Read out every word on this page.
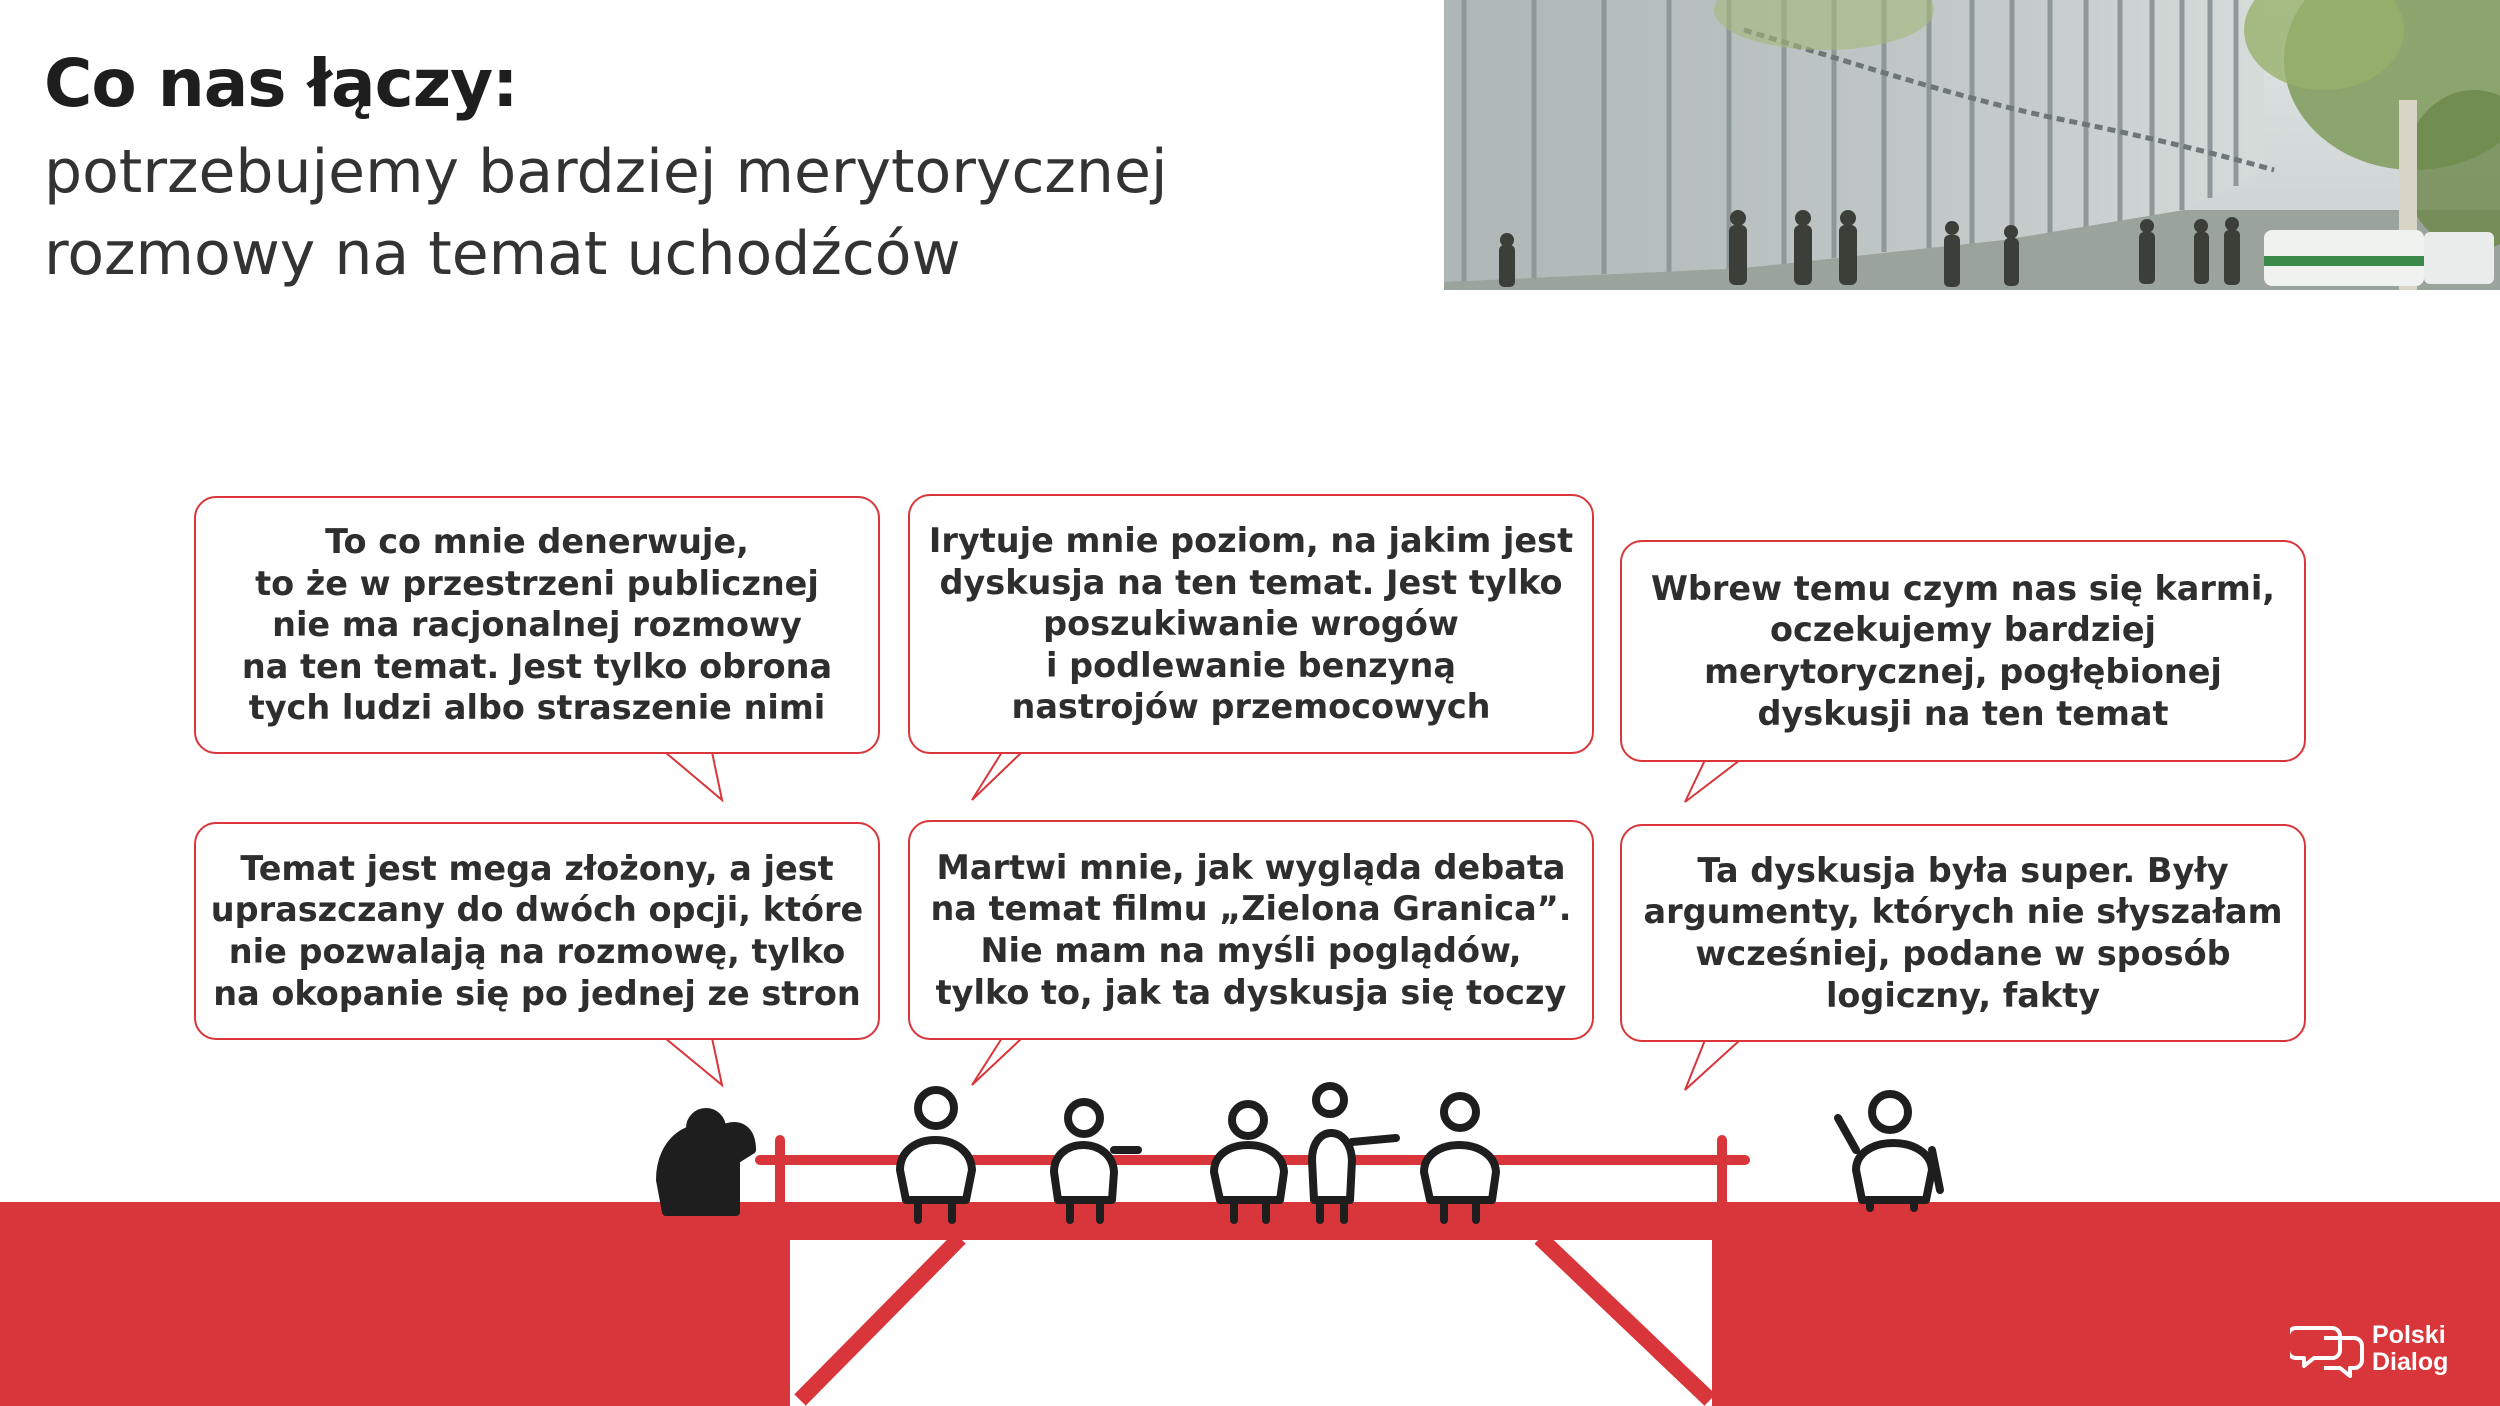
Co nas łączy:
potrzebujemy bardziej merytorycznej
rozmowy na temat uchodźców
To co mnie denerwuje,
to że w przestrzeni publicznej
nie ma racjonalnej rozmowy
na ten temat. Jest tylko obrona
tych ludzi albo straszenie nimi
Irytuje mnie poziom, na jakim jest
dyskusja na ten temat. Jest tylko
poszukiwanie wrogów
i podlewanie benzyną
nastrojów przemocowych
Wbrew temu czym nas się karmi,
oczekujemy bardziej
merytorycznej, pogłębionej
dyskusji na ten temat
Temat jest mega złożony, a jest
upraszczany do dwóch opcji, które
nie pozwalają na rozmowę, tylko
na okopanie się po jednej ze stron
Martwi mnie, jak wygląda debata
na temat filmu „Zielona Granica”.
Nie mam na myśli poglądów,
tylko to, jak ta dyskusja się toczy
Ta dyskusja była super. Były
argumenty, których nie słyszałam
wcześniej, podane w sposób
logiczny, fakty
Polski
Dialog
